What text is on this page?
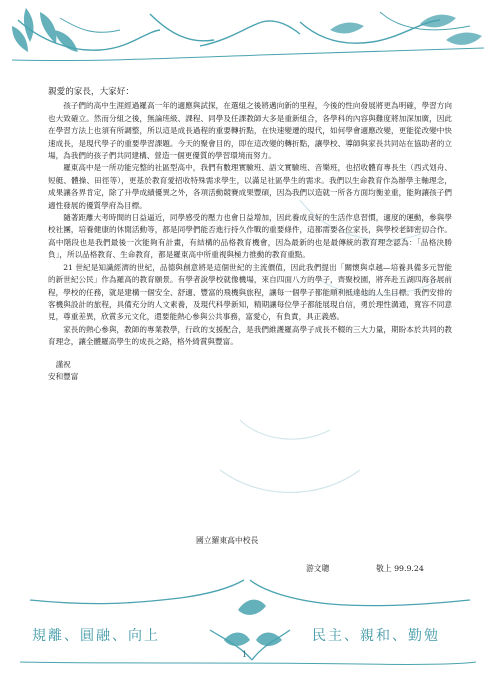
親愛的家長，大家好：

孩子們的高中生涯經過羅高一年的適應與試探，在選組之後將邁向新的里程，今後的性向發展將更為明確，學習方向也大致確立。然而分組之後，無論班級、課程、同學及任課教師大多是重新組合，各學科的內容與難度將加深加廣，因此在學習方法上也須有所調整，所以這是成長過程的重要轉折點，在快速變遷的現代，如何學會適應改變，更能從改變中快速成長，是現代學子的重要學習課題。今天的聚會目的，即在這改變的轉折點，讓學校、導師與家長共同站在協助者的立場，為我們的孩子們共同建構、營造一個更優質的學習環境而努力。

羅東高中是一所功能完整的社區型高中，我們有數理實驗班、語文實驗班、音樂班，也招收體育專長生（西式划舟、短艇、體操、田徑等），更基於教育愛招收特殊需求學生，以滿足社區學生的需求。我們以生命教育作為辦學主軸理念，成果讓各界肯定，除了升學成績優異之外，各項活動競賽成果豐碩，因為我們以造就一所各方面均衡並重，能夠讓孩子們適性發展的優質學府為目標。

隨著距離大考時間的日益逼近，同學感受的壓力也會日益增加，因此養成良好的生活作息習慣，適度的運動，參與學校社團，培養健康的休閒活動等，都是同學們能否進行持久作戰的重要條件，這都需要各位家長，與學校老師密切合作。高中階段也是我們最後一次能夠有計畫，有結構的品格教育機會，因為最新的也是最傳統的教育理念認為：「品格決勝負」，所以品格教育、生命教育，都是羅東高中所重視與極力推動的教育重點。

21 世紀是知識經濟的世紀，品德與創意將是這個世紀的主流價值，因此我們提出「關懷與卓越—培養具備多元智能的新世紀公民」作為羅高的教育願景。有學者說學校就像機場，來自四面八方的學子，齊聚校園，將奔赴五湖四海各展前程，學校的任務，就是建構一個安全、舒適、豐富的飛機與旅程，讓每一個學子都能順利抵達他的人生目標。我們安排的客機與設計的旅程，具備充分的人文素養，及現代科學新知，精期讓每位學子都能展現自信，勇於理性溝通，寬容不同意見，尊重差異，欣賞多元文化，還要能熱心參與公共事務，富愛心，有負責，具正義感。

家長的熱心參與，教師的專業教學，行政的支援配合，是我們維護羅高學子成長不輟的三大力量，期盼本於共同的教育理念，讓全體羅高學生的成長之路，格外綺賞與豐富。

謹祝

安和豐富

國立羅東高中校長
游文聰	敬上 99.9.24
規離、圓融、向上	民主、親和、勤勉
1
